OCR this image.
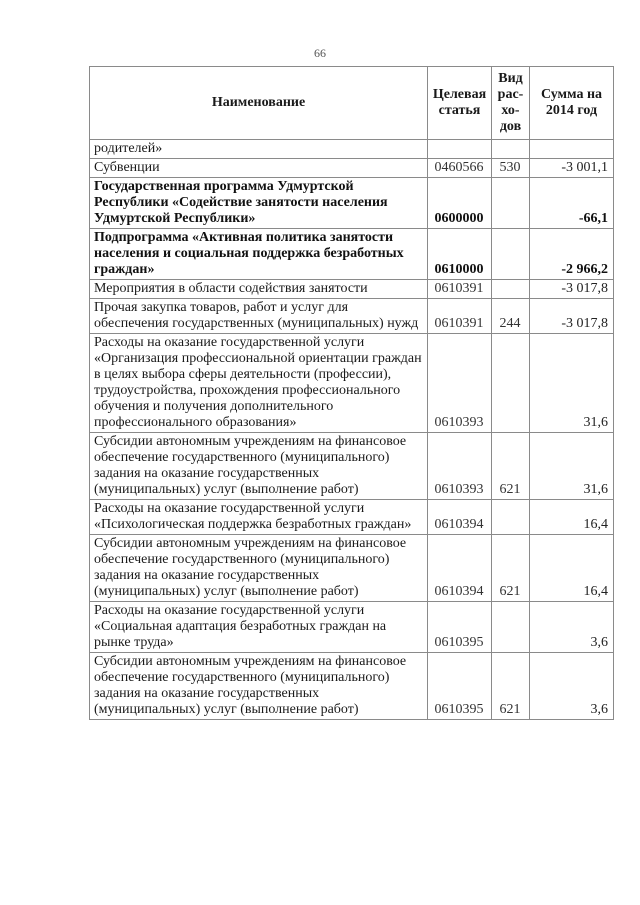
66
Наименование	Целевая статья	Вид рас-хо-дов	Сумма на 2014 год
родителей»			
Субвенции	0460566	530	-3 001,1
Государственная программа Удмуртской Республики «Содействие занятости населения Удмуртской Республики»	0600000		-66,1
Подпрограмма «Активная политика занятости населения и социальная поддержка безработных граждан»	0610000		-2 966,2
Мероприятия в области содействия занятости	0610391		-3 017,8
Прочая закупка товаров, работ и услуг для обеспечения государственных (муниципальных) нужд	0610391	244	-3 017,8
Расходы на оказание государственной услуги «Организация профессиональной ориентации граждан в целях выбора сферы деятельности (профессии), трудоустройства, прохождения профессионального обучения и получения дополнительного профессионального образования»	0610393		31,6
Субсидии автономным учреждениям на финансовое обеспечение государственного (муниципального) задания на оказание государственных (муниципальных) услуг (выполнение работ)	0610393	621	31,6
Расходы на оказание государственной услуги «Психологическая поддержка безработных граждан»	0610394		16,4
Субсидии автономным учреждениям на финансовое обеспечение государственного (муниципального) задания на оказание государственных (муниципальных) услуг (выполнение работ)	0610394	621	16,4
Расходы на оказание государственной услуги «Социальная адаптация безработных граждан на рынке труда»	0610395		3,6
Субсидии автономным учреждениям на финансовое обеспечение государственного (муниципального) задания на оказание государственных (муниципальных) услуг (выполнение работ)	0610395	621	3,6
